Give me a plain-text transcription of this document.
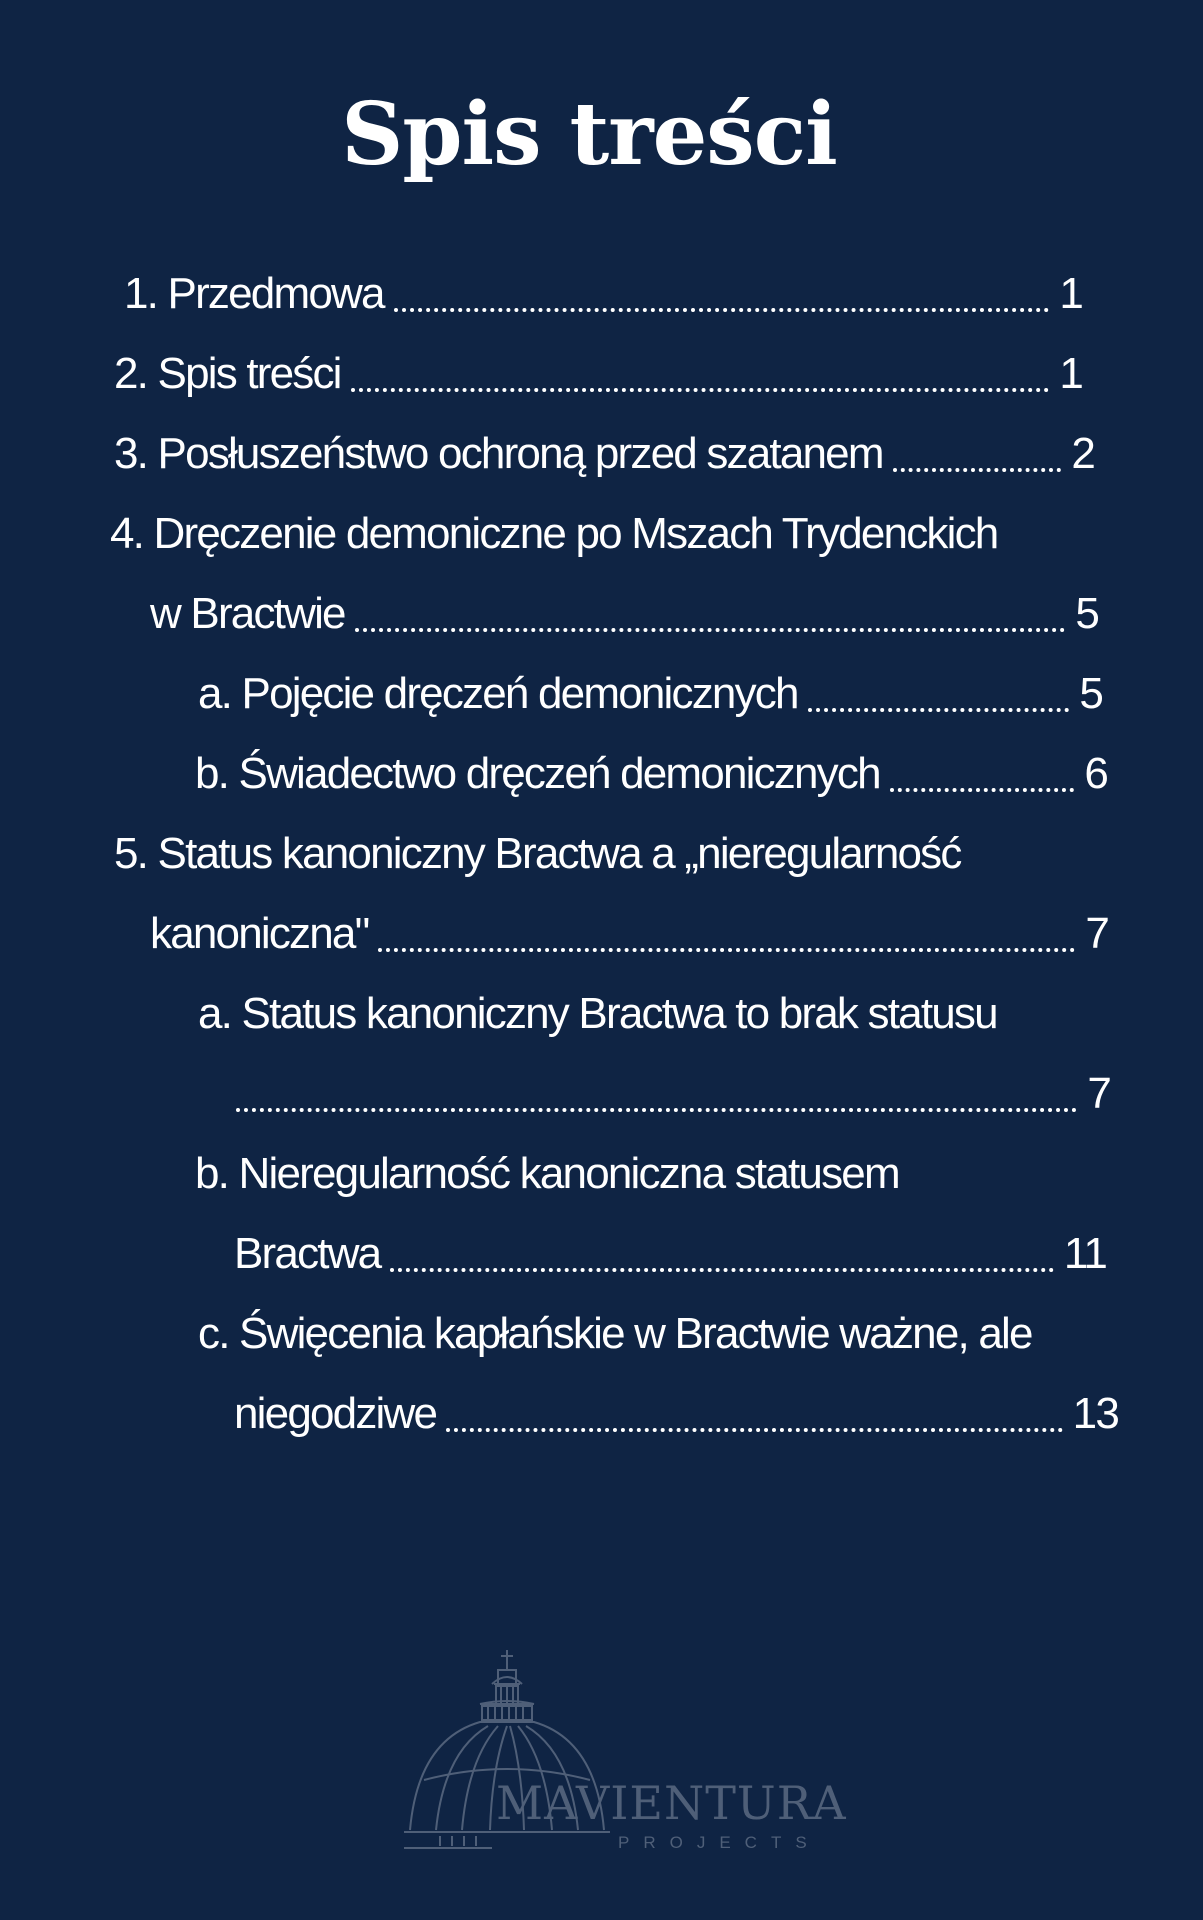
Spis treści
1. Przedmowa	1
2. Spis treści	1
3. Posłuszeństwo ochroną przed szatanem	2
4. Dręczenie demoniczne po Mszach Trydenckich
w Bractwie	5
a. Pojęcie dręczeń demonicznych	5
b. Świadectwo dręczeń demonicznych	6
5. Status kanoniczny Bractwa a „nieregularność
kanoniczna"	7
a. Status kanoniczny Bractwa to brak statusu
7
b. Nieregularność kanoniczna statusem
Bractwa	11
c. Święcenia kapłańskie w Bractwie ważne, ale
niegodziwe	13
MAVIENTURA
PROJECTS
